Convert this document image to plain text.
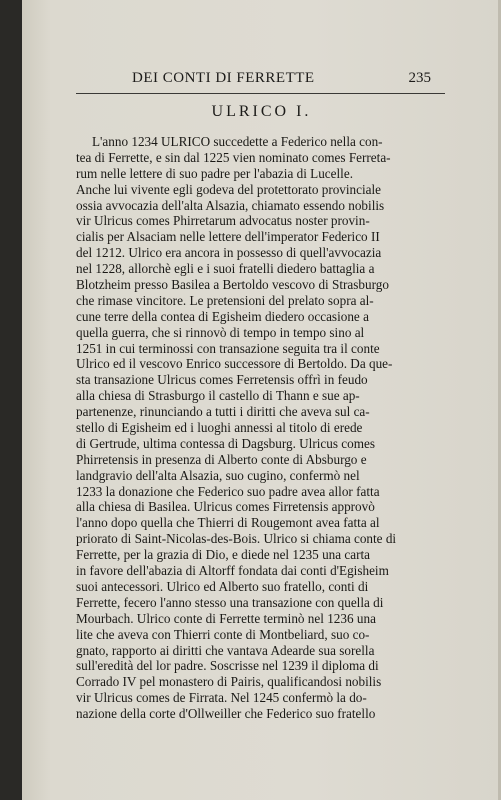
DEI CONTI DI FERRETTE	235
ULRICO I.
L'anno 1234 ULRICO succedette a Federico nella con-
tea di Ferrette, e sin dal 1225 vien nominato comes Ferreta-
rum nelle lettere di suo padre per l'abazia di Lucelle.
Anche lui vivente egli godeva del protettorato provinciale
ossia avvocazia dell'alta Alsazia, chiamato essendo nobilis
vir Ulricus comes Phirretarum advocatus noster provin-
cialis per Alsaciam nelle lettere dell'imperator Federico II
del 1212. Ulrico era ancora in possesso di quell'avvocazia
nel 1228, allorchè egli e i suoi fratelli diedero battaglia a
Blotzheim presso Basilea a Bertoldo vescovo di Strasburgo
che rimase vincitore. Le pretensioni del prelato sopra al-
cune terre della contea di Egisheim diedero occasione a
quella guerra, che si rinnovò di tempo in tempo sino al
1251 in cui terminossi con transazione seguita tra il conte
Ulrico ed il vescovo Enrico successore di Bertoldo. Da que-
sta transazione Ulricus comes Ferretensis offrì in feudo
alla chiesa di Strasburgo il castello di Thann e sue ap-
partenenze, rinunciando a tutti i diritti che aveva sul ca-
stello di Egisheim ed i luoghi annessi al titolo di erede
di Gertrude, ultima contessa di Dagsburg. Ulricus comes
Phirretensis in presenza di Alberto conte di Absburgo e
landgravio dell'alta Alsazia, suo cugino, confermò nel
1233 la donazione che Federico suo padre avea allor fatta
alla chiesa di Basilea. Ulricus comes Firretensis approvò
l'anno dopo quella che Thierri di Rougemont avea fatta al
priorato di Saint-Nicolas-des-Bois. Ulrico si chiama conte di
Ferrette, per la grazia di Dio, e diede nel 1235 una carta
in favore dell'abazia di Altorff fondata dai conti d'Egisheim
suoi antecessori. Ulrico ed Alberto suo fratello, conti di
Ferrette, fecero l'anno stesso una transazione con quella di
Mourbach. Ulrico conte di Ferrette terminò nel 1236 una
lite che aveva con Thierri conte di Montbeliard, suo co-
gnato, rapporto ai diritti che vantava Adearde sua sorella
sull'eredità del lor padre. Soscrisse nel 1239 il diploma di
Corrado IV pel monastero di Pairis, qualificandosi nobilis
vir Ulricus comes de Firrata. Nel 1245 confermò la do-
nazione della corte d'Ollweiller che Federico suo fratello
